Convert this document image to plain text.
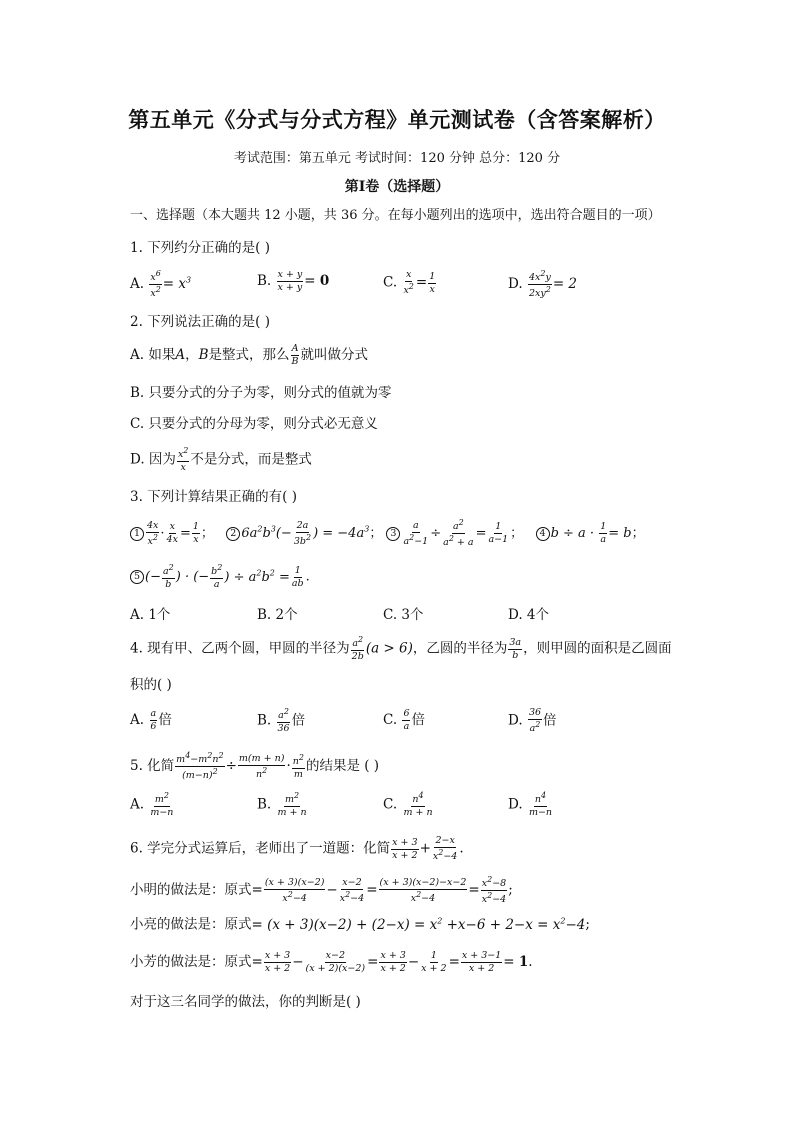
第五单元《分式与分式方程》单元测试卷（含答案解析）
考试范围：第五单元 考试时间：120 分钟 总分：120 分
第I卷（选择题）
一、选择题（本大题共 12 小题，共 36 分。在每小题列出的选项中，选出符合题目的一项）
1. 下列约分正确的是( )
A. $\frac{x^6}{x^2} = x^3$	B. $\frac{x + y}{x + y} = 0$	C. $\frac{x}{x^2} = \frac{1}{x}$	D. $\frac{4x^2y}{2xy^2} = 2$
2. 下列说法正确的是( )
A. 如果A，B是整式，那么 $\frac{A}{B}$ 就叫做分式
B. 只要分式的分子为零，则分式的值就为零
C. 只要分式的分母为零，则分式必无意义
D. 因为 $\frac{x^2}{x}$ 不是分式，而是整式
3. 下列计算结果正确的有( )
$1 \frac{4x}{x^2} \cdot \frac{x}{4x} = \frac{1}{x}$ ；   2 $6a^2b^3(- \frac{2a}{3b^2}$ ) = $-4a^3$； $3 \frac{a}{a^2-1} \div \frac{a^2}{a^2 + a} = \frac{1}{a-1}$ ；   4 $b \div a \cdot \frac{1}{a} = b$；
5 (− $\frac{a^2}{b}$ ) · (− $\frac{b^2}{a}$ ) ÷ $a^2b^2 = \frac{1}{ab}$ .
A. 1个	B. 2个	C. 3个	D. 4个
4. 现有甲、乙两个圆，甲圆的半径为 $\frac{a^2}{2b} (a > 6)$，乙圆的半径为 $\frac{3a}{b}$ ，则甲圆的面积是乙圆面
积的( )
A. $\frac{a}{6}$ 倍	B. $\frac{a^2}{36}$ 倍	C. $\frac{6}{a}$ 倍	D. $\frac{36}{a^2}$ 倍
5. 化简 $\frac{m^4-m^2n^2}{(m-n)^2} \div \frac{m(m + n)}{n^2} \cdot \frac{n^2}{m}$ 的结果是 ( )
A. $\frac{m^2}{m-n}$	B. $\frac{m^2}{m + n}$	C. $\frac{n^4}{m + n}$	D. $\frac{n^4}{m-n}$
6. 学完分式运算后，老师出了一道题：化简 $\frac{x + 3}{x + 2} + \frac{2-x}{x^2-4}$ .
小明的做法是：原式= $\frac{(x + 3)(x-2)}{x^2-4} - \frac{x-2}{x^2-4} = \frac{(x + 3)(x-2)-x-2}{x^2-4} = \frac{x^2-8}{x^2-4}$ ;
小亮的做法是：原式= $(x + 3)(x-2) + (2-x) = x^2 +x-6 + 2-x = x^2-4$;
小芳的做法是：原式= $\frac{x + 3}{x + 2} - \frac{x-2}{(x + 2)(x-2)} = \frac{x + 3}{x + 2} - \frac{1}{x + 2} = \frac{x + 3-1}{x + 2} = 1$.
对于这三名同学的做法，你的判断是( )
